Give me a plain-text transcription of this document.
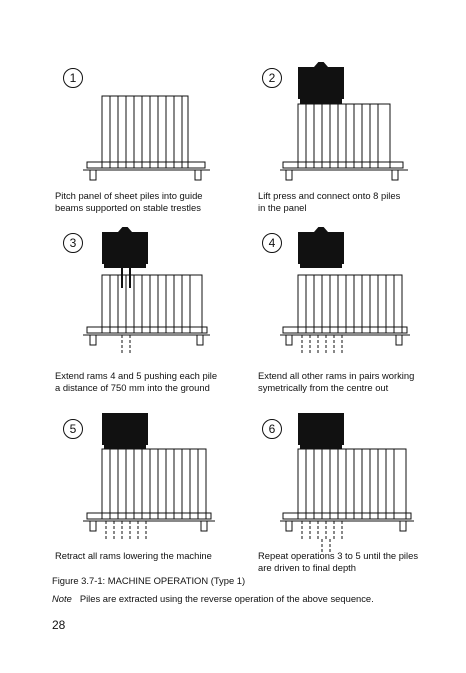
1	2
3	4
5	6
Pitch panel of sheet piles into guide
beams supported on stable trestles
Lift press and connect onto 8 piles
in the panel
Extend rams 4 and 5 pushing each pile
a distance of 750 mm into the ground
Extend all other rams in pairs working
symetrically from the centre out
Retract all rams lowering the machine	Repeat operations 3 to 5 until the piles
are driven to final depth
Figure 3.7-1: MACHINE OPERATION (Type 1)
Note Piles are extracted using the reverse operation of the above sequence.
28
